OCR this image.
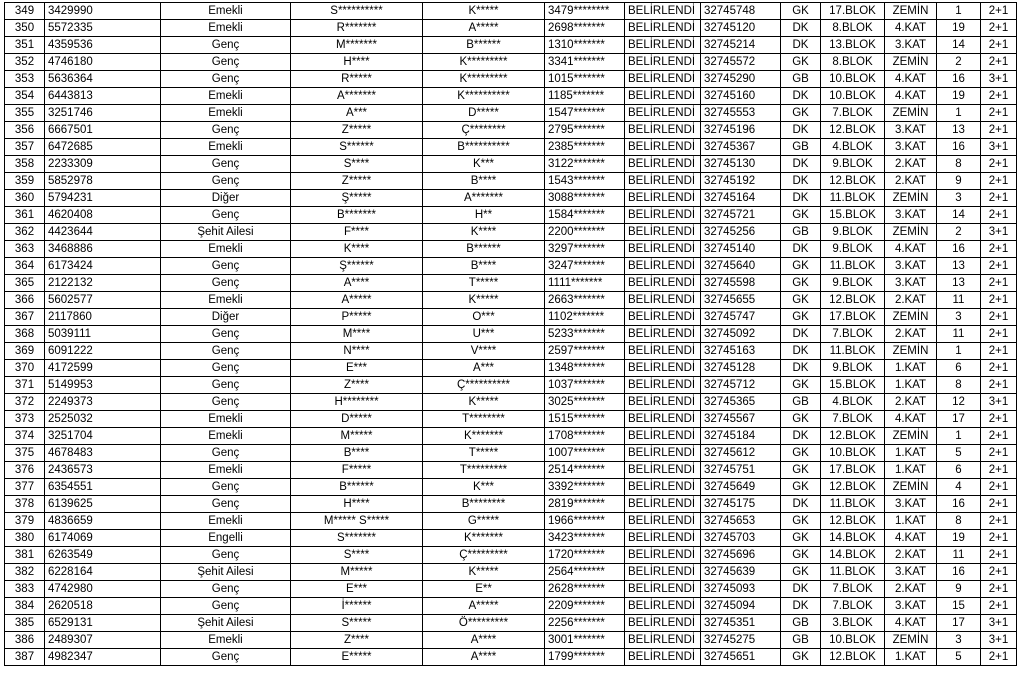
349	3429990	Emekli	S**********	K*****	3479********	BELİRLENDİ	32745748	GK	17.BLOK	ZEMİN	1	2+1
350	5572335	Emekli	R*******	A*****	2698*******	BELİRLENDİ	32745120	DK	8.BLOK	4.KAT	19	2+1
351	4359536	Genç	M*******	B******	1310*******	BELİRLENDİ	32745214	DK	13.BLOK	3.KAT	14	2+1
352	4746180	Genç	H****	K*********	3341*******	BELİRLENDİ	32745572	GK	8.BLOK	ZEMİN	2	2+1
353	5636364	Genç	R*****	K*********	1015*******	BELİRLENDİ	32745290	GB	10.BLOK	4.KAT	16	3+1
354	6443813	Emekli	A*******	K**********	1185*******	BELİRLENDİ	32745160	DK	10.BLOK	4.KAT	19	2+1
355	3251746	Emekli	A***	D*****	1547*******	BELİRLENDİ	32745553	GK	7.BLOK	ZEMİN	1	2+1
356	6667501	Genç	Z*****	Ç********	2795*******	BELİRLENDİ	32745196	DK	12.BLOK	3.KAT	13	2+1
357	6472685	Emekli	S******	B**********	2385*******	BELİRLENDİ	32745367	GB	4.BLOK	3.KAT	16	3+1
358	2233309	Genç	S****	K***	3122*******	BELİRLENDİ	32745130	DK	9.BLOK	2.KAT	8	2+1
359	5852978	Genç	Z*****	B****	1543*******	BELİRLENDİ	32745192	DK	12.BLOK	2.KAT	9	2+1
360	5794231	Diğer	Ş*****	A*******	3088*******	BELİRLENDİ	32745164	DK	11.BLOK	ZEMİN	3	2+1
361	4620408	Genç	B*******	H**	1584*******	BELİRLENDİ	32745721	GK	15.BLOK	3.KAT	14	2+1
362	4423644	Şehit Ailesi	F****	K****	2200*******	BELİRLENDİ	32745256	GB	9.BLOK	ZEMİN	2	3+1
363	3468886	Emekli	K****	B******	3297*******	BELİRLENDİ	32745140	DK	9.BLOK	4.KAT	16	2+1
364	6173424	Genç	Ş******	B****	3247*******	BELİRLENDİ	32745640	GK	11.BLOK	3.KAT	13	2+1
365	2122132	Genç	A****	T*****	1111*******	BELİRLENDİ	32745598	GK	9.BLOK	3.KAT	13	2+1
366	5602577	Emekli	A*****	K*****	2663*******	BELİRLENDİ	32745655	GK	12.BLOK	2.KAT	11	2+1
367	2117860	Diğer	P*****	O***	1102*******	BELİRLENDİ	32745747	GK	17.BLOK	ZEMİN	3	2+1
368	5039111	Genç	M****	U***	5233*******	BELİRLENDİ	32745092	DK	7.BLOK	2.KAT	11	2+1
369	6091222	Genç	N****	V****	2597*******	BELİRLENDİ	32745163	DK	11.BLOK	ZEMİN	1	2+1
370	4172599	Genç	E***	A***	1348*******	BELİRLENDİ	32745128	DK	9.BLOK	1.KAT	6	2+1
371	5149953	Genç	Z****	Ç**********	1037*******	BELİRLENDİ	32745712	GK	15.BLOK	1.KAT	8	2+1
372	2249373	Genç	H********	K*****	3025*******	BELİRLENDİ	32745365	GB	4.BLOK	2.KAT	12	3+1
373	2525032	Emekli	D*****	T********	1515*******	BELİRLENDİ	32745567	GK	7.BLOK	4.KAT	17	2+1
374	3251704	Emekli	M*****	K*******	1708*******	BELİRLENDİ	32745184	DK	12.BLOK	ZEMİN	1	2+1
375	4678483	Genç	B****	T*****	1007*******	BELİRLENDİ	32745612	GK	10.BLOK	1.KAT	5	2+1
376	2436573	Emekli	F*****	T*********	2514*******	BELİRLENDİ	32745751	GK	17.BLOK	1.KAT	6	2+1
377	6354551	Genç	B******	K***	3392*******	BELİRLENDİ	32745649	GK	12.BLOK	ZEMİN	4	2+1
378	6139625	Genç	H****	B********	2819*******	BELİRLENDİ	32745175	DK	11.BLOK	3.KAT	16	2+1
379	4836659	Emekli	M***** S*****	G*****	1966*******	BELİRLENDİ	32745653	GK	12.BLOK	1.KAT	8	2+1
380	6174069	Engelli	S*******	K*******	3423*******	BELİRLENDİ	32745703	GK	14.BLOK	4.KAT	19	2+1
381	6263549	Genç	S****	Ç*********	1720*******	BELİRLENDİ	32745696	GK	14.BLOK	2.KAT	11	2+1
382	6228164	Şehit Ailesi	M*****	K*****	2564*******	BELİRLENDİ	32745639	GK	11.BLOK	3.KAT	16	2+1
383	4742980	Genç	E***	E**	2628*******	BELİRLENDİ	32745093	DK	7.BLOK	2.KAT	9	2+1
384	2620518	Genç	İ******	A*****	2209*******	BELİRLENDİ	32745094	DK	7.BLOK	3.KAT	15	2+1
385	6529131	Şehit Ailesi	S*****	Ö*********	2256*******	BELİRLENDİ	32745351	GB	3.BLOK	4.KAT	17	3+1
386	2489307	Emekli	Z****	A****	3001*******	BELİRLENDİ	32745275	GB	10.BLOK	ZEMİN	3	3+1
387	4982347	Genç	E*****	A****	1799*******	BELİRLENDİ	32745651	GK	12.BLOK	1.KAT	5	2+1
